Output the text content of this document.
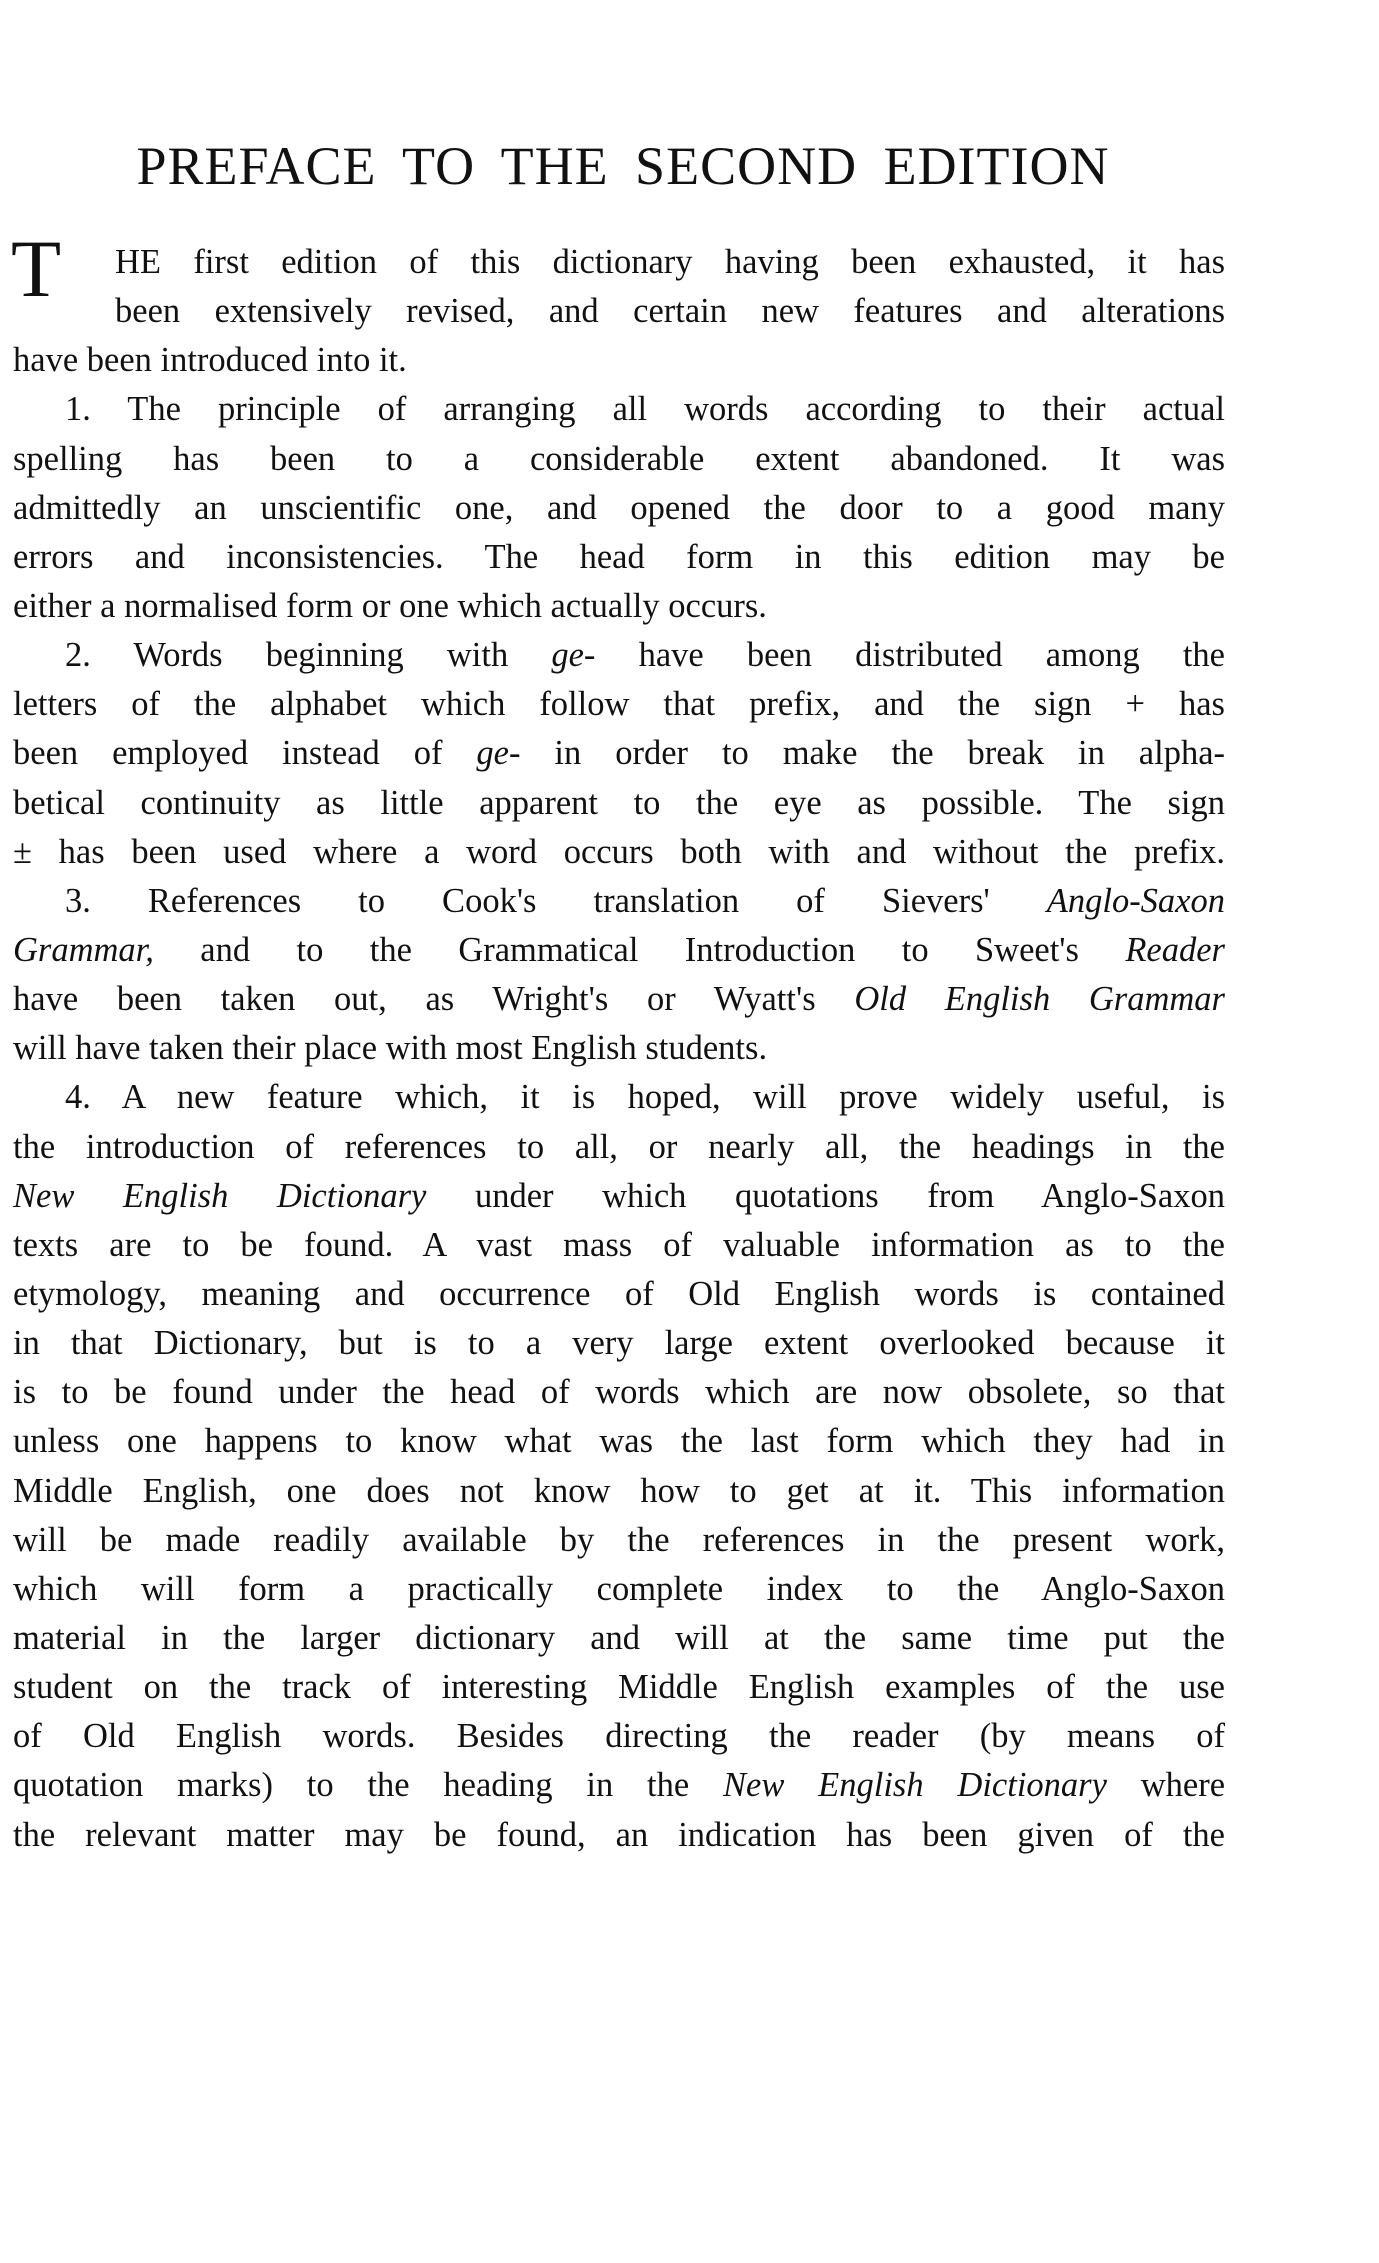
PREFACE TO THE SECOND EDITION
T	HE first edition of this dictionary having been exhausted, it has
been extensively revised, and certain new features and alterations
have been introduced into it.
1. The principle of arranging all words according to their actual
spelling has been to a considerable extent abandoned. It was
admittedly an unscientific one, and opened the door to a good many
errors and inconsistencies. The head form in this edition may be
either a normalised form or one which actually occurs.
2. Words beginning with ge- have been distributed among the
letters of the alphabet which follow that prefix, and the sign + has
been employed instead of ge- in order to make the break in alpha-
betical continuity as little apparent to the eye as possible. The sign
± has been used where a word occurs both with and without the prefix.
3. References to Cook's translation of Sievers' Anglo-Saxon
Grammar, and to the Grammatical Introduction to Sweet's Reader
have been taken out, as Wright's or Wyatt's Old English Grammar
will have taken their place with most English students.
4. A new feature which, it is hoped, will prove widely useful, is
the introduction of references to all, or nearly all, the headings in the
New English Dictionary under which quotations from Anglo-Saxon
texts are to be found. A vast mass of valuable information as to the
etymology, meaning and occurrence of Old English words is contained
in that Dictionary, but is to a very large extent overlooked because it
is to be found under the head of words which are now obsolete, so that
unless one happens to know what was the last form which they had in
Middle English, one does not know how to get at it. This information
will be made readily available by the references in the present work,
which will form a practically complete index to the Anglo-Saxon
material in the larger dictionary and will at the same time put the
student on the track of interesting Middle English examples of the use
of Old English words. Besides directing the reader (by means of
quotation marks) to the heading in the New English Dictionary where
the relevant matter may be found, an indication has been given of the
